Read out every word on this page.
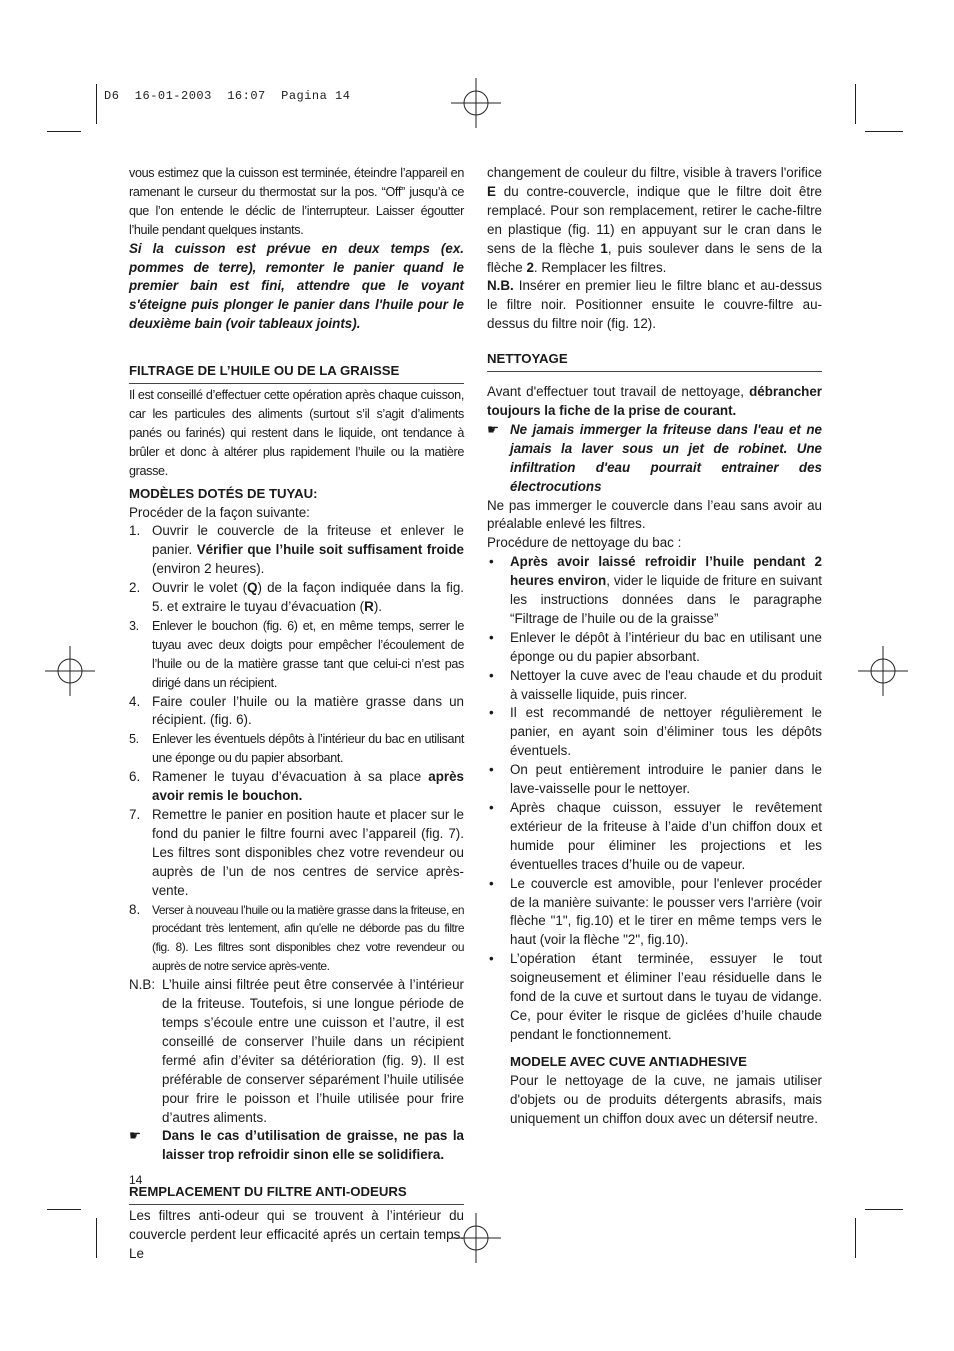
D6  16-01-2003  16:07  Pagina 14

vous estimez que la cuisson est terminée, éteindre l’appareil en ramenant le curseur du thermostat sur la pos. “Off” jusqu’à ce que l’on entende le déclic de l’interrupteur. Laisser égoutter l’huile pendant quelques instants.

Si la cuisson est prévue en deux temps (ex. pommes de terre), remonter le panier quand le premier bain est fini, attendre que le voyant s'éteigne puis plonger le panier dans l'huile pour le deuxième bain (voir tableaux joints).

FILTRAGE DE L’HUILE OU DE LA GRAISSE

Il est conseillé d’effectuer cette opération après chaque cuisson, car les particules des aliments (surtout s’il s’agit d’aliments panés ou farinés) qui restent dans le liquide, ont tendance à brûler et donc à altérer plus rapidement l’huile ou la matière grasse.

MODÈLES DOTÉS DE TUYAU:

Procéder de la façon suivante:

1. Ouvrir le couvercle de la friteuse et enlever le panier. Vérifier que l’huile soit suffisament froide (environ 2 heures).
2. Ouvrir le volet (Q) de la façon indiquée dans la fig. 5. et extraire le tuyau d’évacuation (R).
3. Enlever le bouchon (fig. 6) et, en même temps, serrer le tuyau avec deux doigts pour empêcher l’écoulement de l’huile ou de la matière grasse tant que celui-ci n’est pas dirigé dans un récipient.
4. Faire couler l’huile ou la matière grasse dans un récipient. (fig. 6).
5. Enlever les éventuels dépôts à l’intérieur du bac en utilisant une éponge ou du papier absorbant.
6. Ramener le tuyau d’évacuation à sa place après avoir remis le bouchon.
7. Remettre le panier en position haute et placer sur le fond du panier le filtre fourni avec l’appareil (fig. 7). Les filtres sont disponibles chez votre revendeur ou auprès de l’un de nos centres de service après-vente.
8. Verser à nouveau l’huile ou la matière grasse dans la friteuse, en procédant très lentement, afin qu’elle ne déborde pas du filtre (fig. 8). Les filtres sont disponibles chez votre revendeur ou auprès de notre service après-vente.
N.B: L’huile ainsi filtrée peut être conservée à l’intérieur de la friteuse. Toutefois, si une longue période de temps s’écoule entre une cuisson et l’autre, il est conseillé de conserver l’huile dans un récipient fermé afin d’éviter sa détérioration (fig. 9). Il est préférable de conserver séparément l’huile utilisée pour frire le poisson et l’huile utilisée pour frire d’autres aliments.
☛ Dans le cas d’utilisation de graisse, ne pas la laisser trop refroidir sinon elle se solidifiera.
REMPLACEMENT DU FILTRE ANTI-ODEURS

Les filtres anti-odeur qui se trouvent à l’intérieur du couvercle perdent leur efficacité aprés un certain temps. Le

changement de couleur du filtre, visible à travers l'orifice E du contre-couvercle, indique que le filtre doit être remplacé. Pour son remplacement, retirer le cache-filtre en plastique (fig. 11) en appuyant sur le cran dans le sens de la flèche 1, puis soulever dans le sens de la flèche 2. Remplacer les filtres.

N.B. Insérer en premier lieu le filtre blanc et au-dessus le filtre noir. Positionner ensuite le couvre-filtre au-dessus du filtre noir (fig. 12).

NETTOYAGE

Avant d'effectuer tout travail de nettoyage, débrancher toujours la fiche de la prise de courant.

☛ Ne jamais immerger la friteuse dans l'eau et ne jamais la laver sous un jet de robinet. Une infiltration d'eau pourrait entrainer des électrocutions

Ne pas immerger le couvercle dans l’eau sans avoir au préalable enlevé les filtres.

Procédure de nettoyage du bac :

• Après avoir laissé refroidir l’huile pendant 2 heures environ, vider le liquide de friture en suivant les instructions données dans le paragraphe “Filtrage de l’huile ou de la graisse”
• Enlever le dépôt à l’intérieur du bac en utilisant une éponge ou du papier absorbant.
• Nettoyer la cuve avec de l'eau chaude et du produit à vaisselle liquide, puis rincer.
• Il est recommandé de nettoyer régulièrement le panier, en ayant soin d’éliminer tous les dépôts éventuels.
• On peut entièrement introduire le panier dans le lave-vaisselle pour le nettoyer.
• Après chaque cuisson, essuyer le revêtement extérieur de la friteuse à l’aide d’un chiffon doux et humide pour éliminer les projections et les éventuelles traces d’huile ou de vapeur.
• Le couvercle est amovible, pour l'enlever procéder de la manière suivante: le pousser vers l'arrière (voir flèche "1", fig.10) et le tirer en même temps vers le haut (voir la flèche "2", fig.10).
• L’opération étant terminée, essuyer le tout soigneusement et éliminer l’eau résiduelle dans le fond de la cuve et surtout dans le tuyau de vidange. Ce, pour éviter le risque de giclées d’huile chaude pendant le fonctionnement.
MODELE AVEC CUVE ANTIADHESIVE

Pour le nettoyage de la cuve, ne jamais utiliser d'objets ou de produits détergents abrasifs, mais uniquement un chiffon doux avec un détersif neutre.

14
